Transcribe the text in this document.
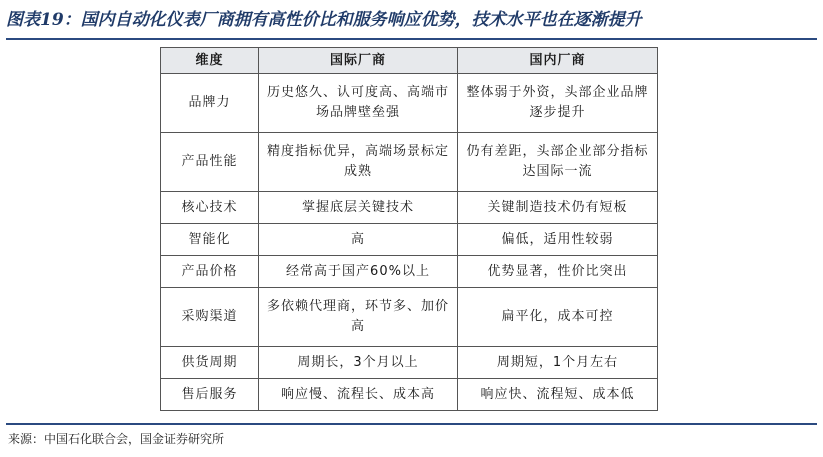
图表19：国内自动化仪表厂商拥有高性价比和服务响应优势，技术水平也在逐渐提升
维度	国际厂商	国内厂商
品牌力	历史悠久、认可度高、高端市场品牌壁垒强	整体弱于外资，头部企业品牌逐步提升
产品性能	精度指标优异，高端场景标定成熟	仍有差距，头部企业部分指标达国际一流
核心技术	掌握底层关键技术	关键制造技术仍有短板
智能化	高	偏低，适用性较弱
产品价格	经常高于国产60%以上	优势显著，性价比突出
采购渠道	多依赖代理商，环节多、加价高	扁平化，成本可控
供货周期	周期长，3个月以上	周期短，1个月左右
售后服务	响应慢、流程长、成本高	响应快、流程短、成本低
来源：中国石化联合会，国金证券研究所
